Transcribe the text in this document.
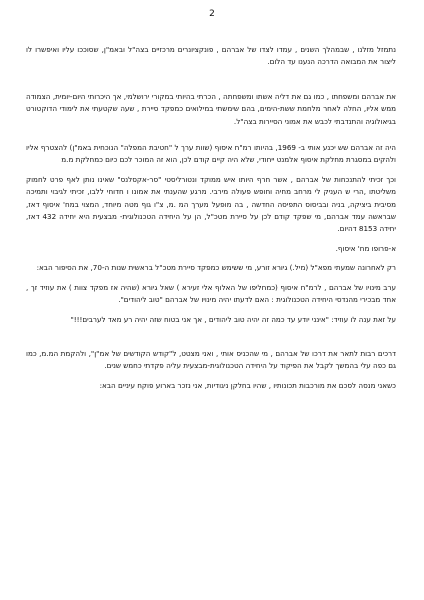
2

נתמזל מזלנו , שבמהלך השנים , עמדו לצדו של אברהם , פונקציונרים מרכזיים בצה"ל ובאמ"ן, שסוככו עליו ואיפשרו לו ליצור את המבואה הדרכה הנענו עד הלום.

את אברהם ומשפחתו , כמו גם את דליה אשתו ומשפחתה , הכרתי בהיותי במקורי ירושלמי, אך היכרותי היום-יומית, הצמודה ממש אליו, החלה לאחר מלחמת ששת-הימים, בהם שימשתי במילואים כמפקד סיירת , שעה שקטעתי את לימודי הדוקטורט בגיאולוגיה והתנדבתי לכבש את אמוני הסיירות בצה"ל.

היה זה אברהם שש יכנע אותי ב- 1969, בהיותו רמ"ח איסוף (שוות ערך ל "חטיבת המפלה" הנוכחית באמ"ן) להצטרף אליו ולהקים במסגרת מחלקת איסוף אלמנט ייחודי, שלא היה קיים קודם לכן, הוא זה המוכר לכם כיום כמחלקת מ.מ

וכך זכיתי להתנכחות של אברהם , אשר חרף היותו איש ממוקד ונטורליסטי "סר-אקסלנס" שאינו נותן לאף פרט לחמוק משליטתו ,הרי ש העניק לי מרחב מחיה וחופש פעולה מירבי. מרגע שהענתי את אמונו ו חדוחי ללבו, זכיתי לגיבוי ותמיכה מסיבית ביציקה, בניה ובביסוס התפיסה החדשה , בה מופעל מערך המ .מ, צ"ו גוף מטה מיוחד, המצוי במח' איסוף דאז, שבראשה עמד אברהם, מי שפקד קודם לכן על סיירת מטכ"ל, הן על היחידה הטכנולוגית- מבצעית היא יחידה 432 דאז, יחידה 8153 דהיום.

א-פרופו מח' איסוף.

רק לאחרונה שמעתי מפא"ל (מיל.) גיורא זורע, מי ששימש כמפקד סיירת מטכ"ל בראשית שנות ה-70, את הסיפור הבא:

ערב מינויו של אברהם , לרמ"ח איסוף (כמחליפו של האלוף אלי זעירא ) שאל גיורא (שהיה אז מפקד צוות ) את עוזיד זך , אחד מבכירי מהנדסי היחידה הטכנולוגית : האם לדעתו יהיה מינויו של אברהם "טוב ליהודים".

על זאת ענה לו עוזיד: "אינני יודע עד כמה זה יהיה טוב ליהודים , אך אני בטוח שזה יהיה רע מאד לערבים!!!"

דרכים רבות לתאר את דרכו של אברהם , מי שהכניס אותי , ואני מצטט, ל"קודש הקודשים של אמ"ן", ולהקמת המ.מ, כמו גם כפה עלי בהמשך לקבל את הפיקוד על היחידה הטכנולוגית-מבצעית עליה פקדתי כחמש שנים.

כשאני מנסה לסכם את מורכבות תכונותיו , שהיו בחלקן ניגודיות, אני נזכר בארוע פוקח עיניים הבא:
